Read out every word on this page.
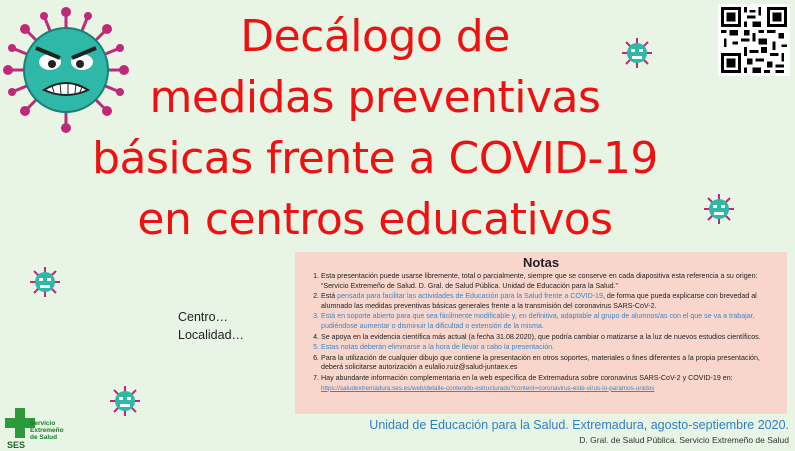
Decálogo de
medidas preventivas
básicas frente a COVID-19
en centros educativos
Centro…
Localidad…
Notas
1. Esta presentación puede usarse libremente, total o parcialmente, siempre que se conserve en cada diapositiva esta referencia a su origen: “Servicio Extremeño de Salud. D. Gral. de Salud Pública. Unidad de Educación para la Salud.”
2. Está pensada para facilitar las actividades de Educación para la Salud frente a COVID-19, de forma que pueda explicarse con brevedad al alumnado las medidas preventivas básicas generales frente a la transmisión del coronavirus SARS-CoV-2.
3. Está en soporte abierto para que sea fácilmente modificable y, en definitiva, adaptable al grupo de alumnos/as con el que se va a trabajar, pudiéndose aumentar o disminuir la dificultad o extensión de la misma.
4. Se apoya en la evidencia científica más actual (a fecha 31.08.2020), que podría cambiar o matizarse a la luz de nuevos estudios científicos.
5. Estas notas deberán eliminarse a la hora de llevar a cabo la presentación.
6. Para la utilización de cualquier dibujo que contiene la presentación en otros soportes, materiales o fines diferentes a la propia presentación, deberá solicitarse autorización a eulalio.ruiz@salud-juntaex.es
7. Hay abundante información complementaria en la web específica de Extremadura sobre coronavirus SARS-CoV-2 y COVID-19 en: https://saludextremadura.ses.es/web/detalle-contenido-estructurado?content=coronavirus-este-virus-lo-paramos-unidos
Unidad de Educación para la Salud. Extremadura, agosto-septiembre 2020.
D. Gral. de Salud Pública. Servicio Extremeño de Salud
SES
Servicio
Extremeño
de Salud
